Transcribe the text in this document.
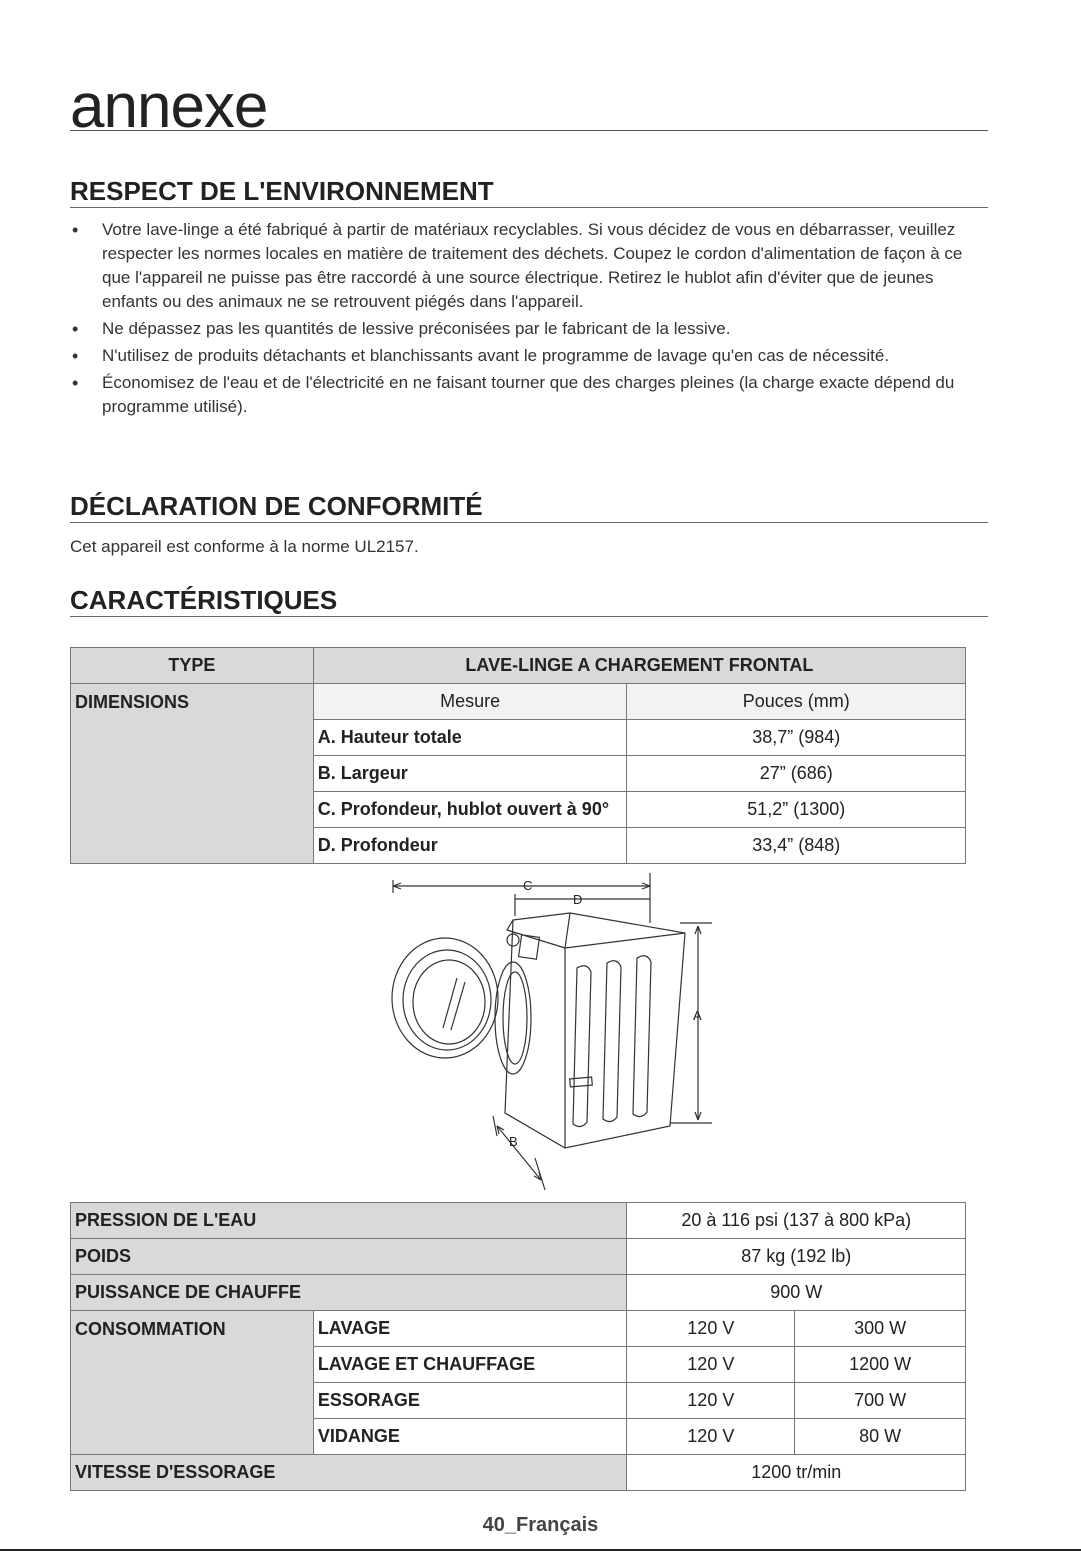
annexe
RESPECT DE L'ENVIRONNEMENT
• Votre lave-linge a été fabriqué à partir de matériaux recyclables. Si vous décidez de vous en débarrasser, veuillez respecter les normes locales en matière de traitement des déchets. Coupez le cordon d'alimentation de façon à ce que l'appareil ne puisse pas être raccordé à une source électrique. Retirez le hublot afin d'éviter que de jeunes enfants ou des animaux ne se retrouvent piégés dans l'appareil.
• Ne dépassez pas les quantités de lessive préconisées par le fabricant de la lessive.
• N'utilisez de produits détachants et blanchissants avant le programme de lavage qu'en cas de nécessité.
• Économisez de l'eau et de l'électricité en ne faisant tourner que des charges pleines (la charge exacte dépend du programme utilisé).
DÉCLARATION DE CONFORMITÉ
Cet appareil est conforme à la norme UL2157.
CARACTÉRISTIQUES
TYPE	LAVE-LINGE A CHARGEMENT FRONTAL	
DIMENSIONS	Mesure	Pouces (mm)
	A. Hauteur totale	38,7” (984)
	B. Largeur	27” (686)
	C. Profondeur, hublot ouvert à 90°	51,2” (1300)
	D. Profondeur	33,4” (848)
C
D
A
B
PRESSION DE L'EAU		20 à 116 psi (137 à 800 kPa)	
POIDS		87 kg (192 lb)	
PUISSANCE DE CHAUFFE		900 W	
CONSOMMATION	LAVAGE	120 V	300 W
	LAVAGE ET CHAUFFAGE	120 V	1200 W
	ESSORAGE	120 V	700 W
	VIDANGE	120 V	80 W
VITESSE D'ESSORAGE		1200 tr/min	
40_Français
